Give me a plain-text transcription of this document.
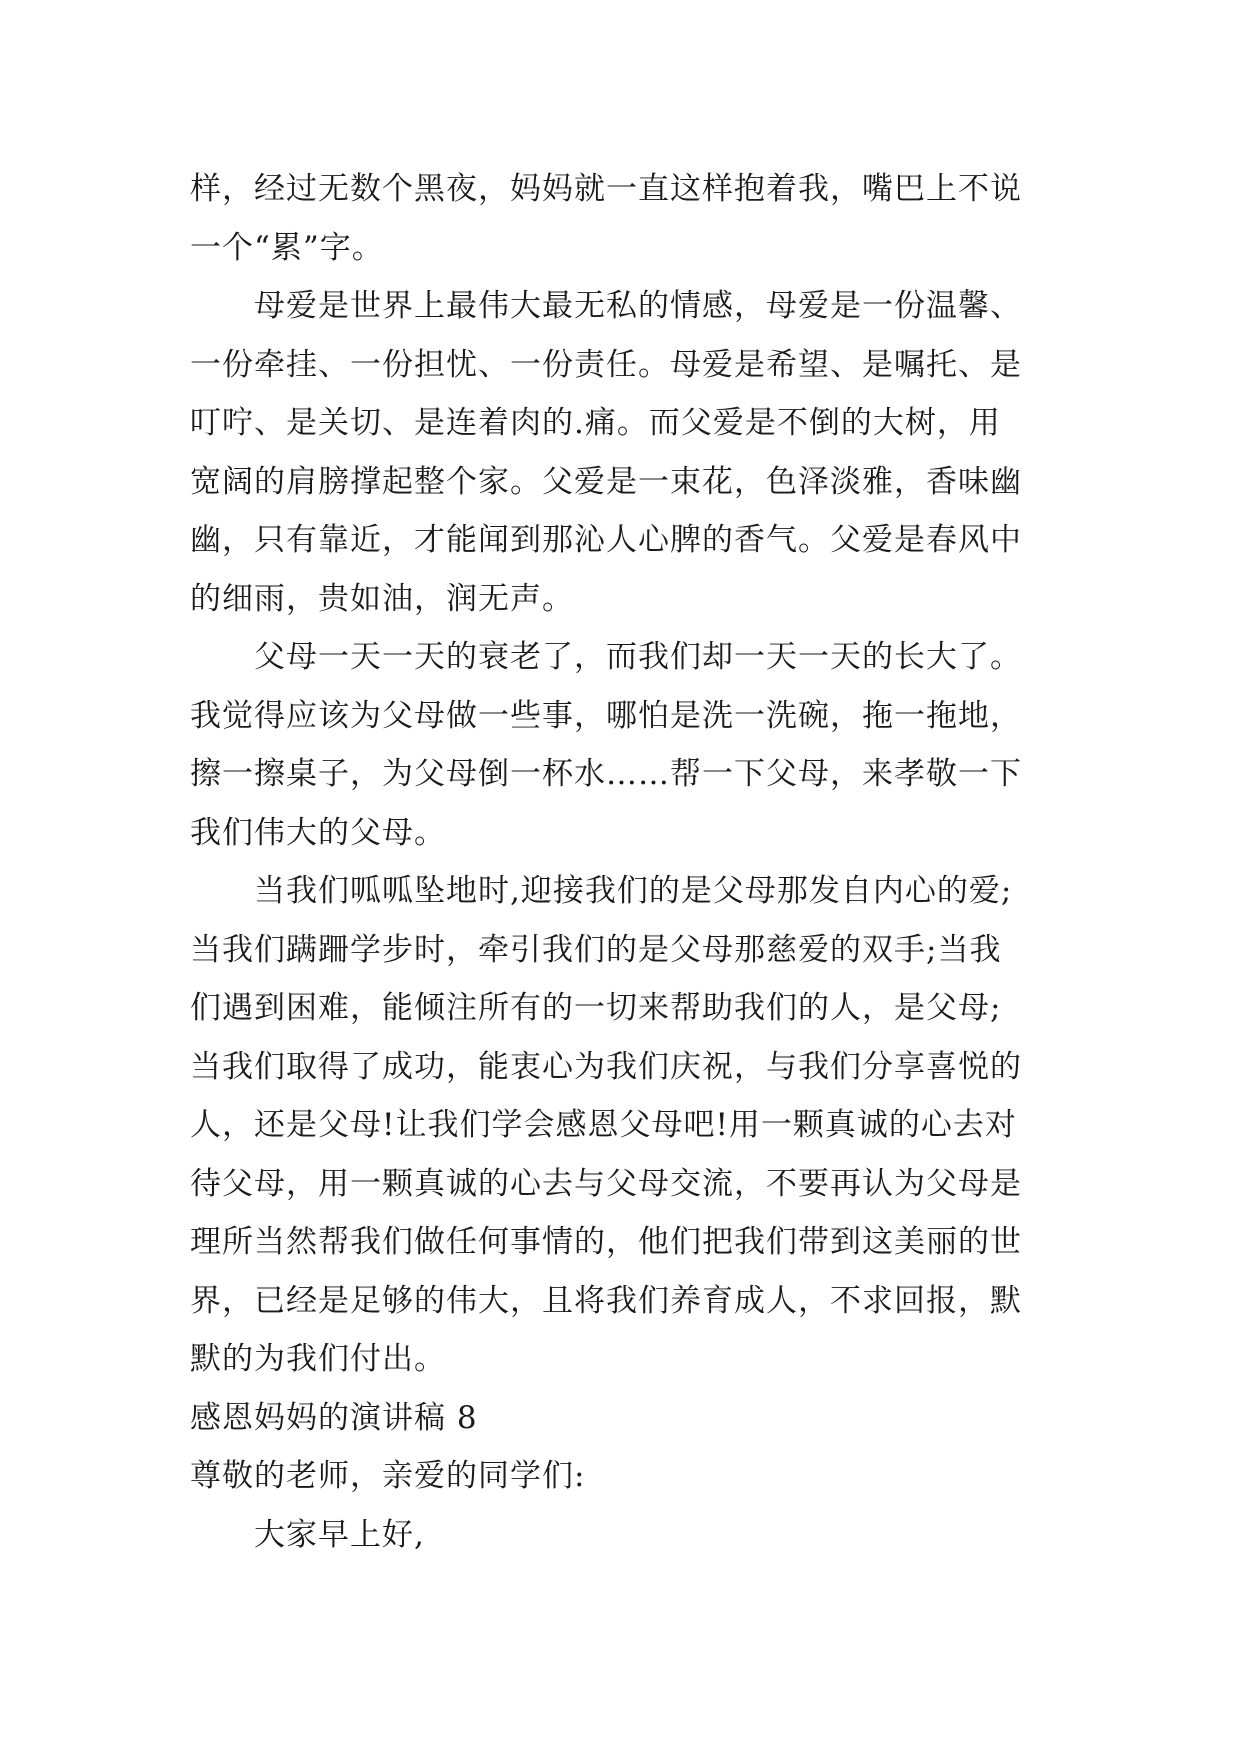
样，经过无数个黑夜，妈妈就一直这样抱着我，嘴巴上不说
一个“累”字。
母爱是世界上最伟大最无私的情感，母爱是一份温馨、
一份牵挂、一份担忧、一份责任。母爱是希望、是嘱托、是
叮咛、是关切、是连着肉的.痛。而父爱是不倒的大树，用
宽阔的肩膀撑起整个家。父爱是一束花，色泽淡雅，香味幽
幽，只有靠近，才能闻到那沁人心脾的香气。父爱是春风中
的细雨，贵如油，润无声。
父母一天一天的衰老了，而我们却一天一天的长大了。
我觉得应该为父母做一些事，哪怕是洗一洗碗，拖一拖地，
擦一擦桌子，为父母倒一杯水……帮一下父母，来孝敬一下
我们伟大的父母。
当我们呱呱坠地时,迎接我们的是父母那发自内心的爱;
当我们蹒跚学步时，牵引我们的是父母那慈爱的双手;当我
们遇到困难，能倾注所有的一切来帮助我们的人，是父母;
当我们取得了成功，能衷心为我们庆祝，与我们分享喜悦的
人，还是父母!让我们学会感恩父母吧!用一颗真诚的心去对
待父母，用一颗真诚的心去与父母交流，不要再认为父母是
理所当然帮我们做任何事情的，他们把我们带到这美丽的世
界，已经是足够的伟大，且将我们养育成人，不求回报，默
默的为我们付出。
感恩妈妈的演讲稿 8
尊敬的老师，亲爱的同学们:
大家早上好,
